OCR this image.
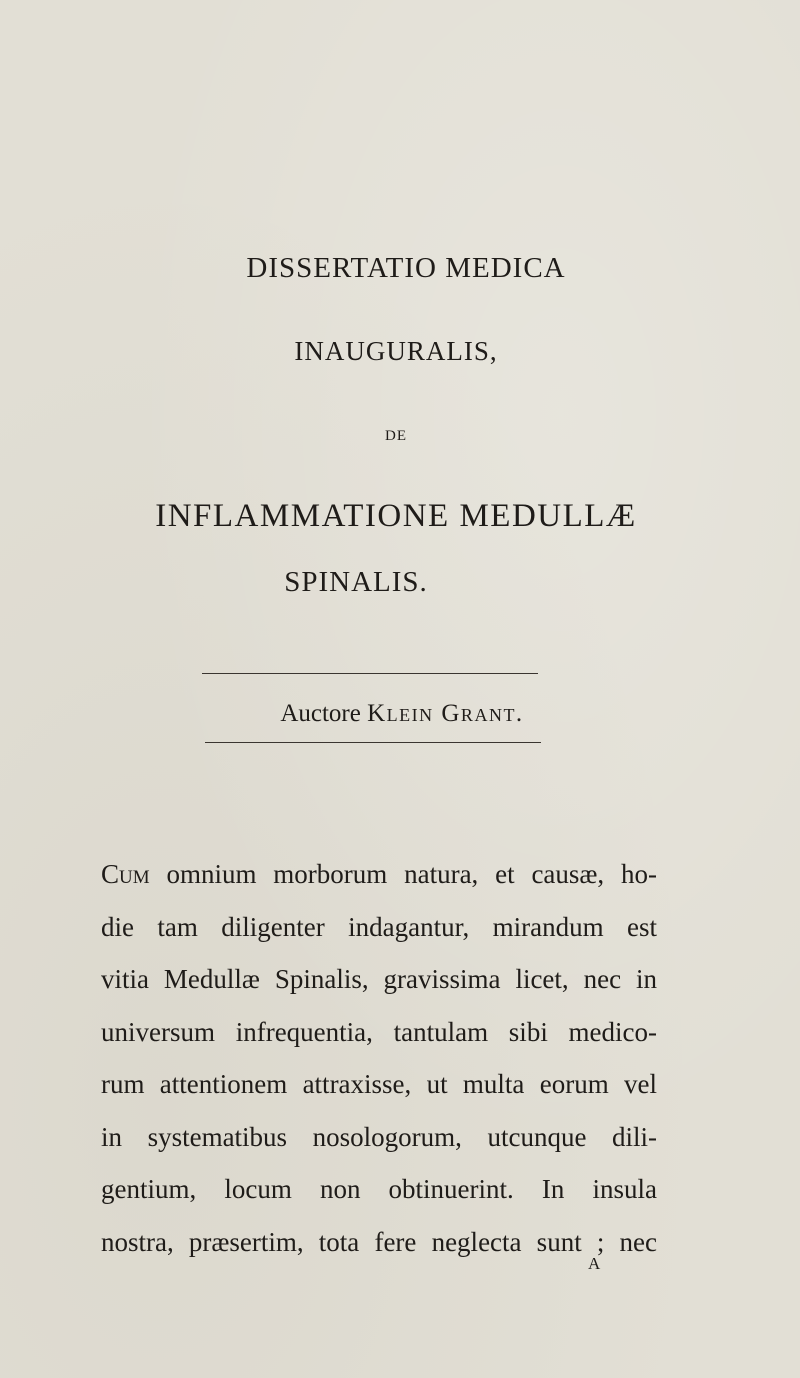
DISSERTATIO MEDICA
INAUGURALIS,
DE
INFLAMMATIONE MEDULLÆ
SPINALIS.
Auctore Klein Grant.
Cum omnium morborum natura, et causæ, ho-
die tam diligenter indagantur, mirandum est
vitia Medullæ Spinalis, gravissima licet, nec in
universum infrequentia, tantulam sibi medico-
rum attentionem attraxisse, ut multa eorum vel
in systematibus nosologorum, utcunque dili-
gentium, locum non obtinuerint. In insula
nostra, præsertim, tota fere neglecta sunt ; nec
A
